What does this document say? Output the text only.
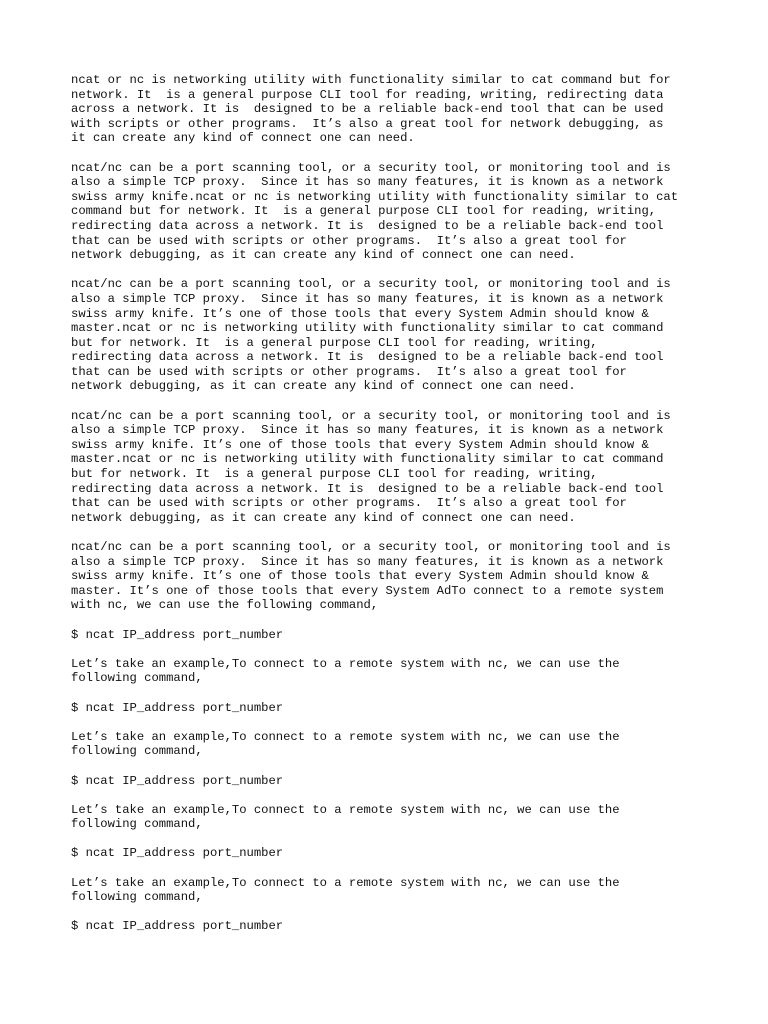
ncat or nc is networking utility with functionality similar to cat command but for
network. It  is a general purpose CLI tool for reading, writing, redirecting data
across a network. It is  designed to be a reliable back-end tool that can be used
with scripts or other programs.  It’s also a great tool for network debugging, as
it can create any kind of connect one can need.

ncat/nc can be a port scanning tool, or a security tool, or monitoring tool and is
also a simple TCP proxy.  Since it has so many features, it is known as a network
swiss army knife.ncat or nc is networking utility with functionality similar to cat
command but for network. It  is a general purpose CLI tool for reading, writing,
redirecting data across a network. It is  designed to be a reliable back-end tool
that can be used with scripts or other programs.  It’s also a great tool for
network debugging, as it can create any kind of connect one can need.

ncat/nc can be a port scanning tool, or a security tool, or monitoring tool and is
also a simple TCP proxy.  Since it has so many features, it is known as a network
swiss army knife. It’s one of those tools that every System Admin should know &
master.ncat or nc is networking utility with functionality similar to cat command
but for network. It  is a general purpose CLI tool for reading, writing,
redirecting data across a network. It is  designed to be a reliable back-end tool
that can be used with scripts or other programs.  It’s also a great tool for
network debugging, as it can create any kind of connect one can need.

ncat/nc can be a port scanning tool, or a security tool, or monitoring tool and is
also a simple TCP proxy.  Since it has so many features, it is known as a network
swiss army knife. It’s one of those tools that every System Admin should know &
master.ncat or nc is networking utility with functionality similar to cat command
but for network. It  is a general purpose CLI tool for reading, writing,
redirecting data across a network. It is  designed to be a reliable back-end tool
that can be used with scripts or other programs.  It’s also a great tool for
network debugging, as it can create any kind of connect one can need.

ncat/nc can be a port scanning tool, or a security tool, or monitoring tool and is
also a simple TCP proxy.  Since it has so many features, it is known as a network
swiss army knife. It’s one of those tools that every System Admin should know &
master. It’s one of those tools that every System AdTo connect to a remote system
with nc, we can use the following command,

$ ncat IP_address port_number

Let’s take an example,To connect to a remote system with nc, we can use the
following command,

$ ncat IP_address port_number

Let’s take an example,To connect to a remote system with nc, we can use the
following command,

$ ncat IP_address port_number

Let’s take an example,To connect to a remote system with nc, we can use the
following command,

$ ncat IP_address port_number

Let’s take an example,To connect to a remote system with nc, we can use the
following command,

$ ncat IP_address port_number
